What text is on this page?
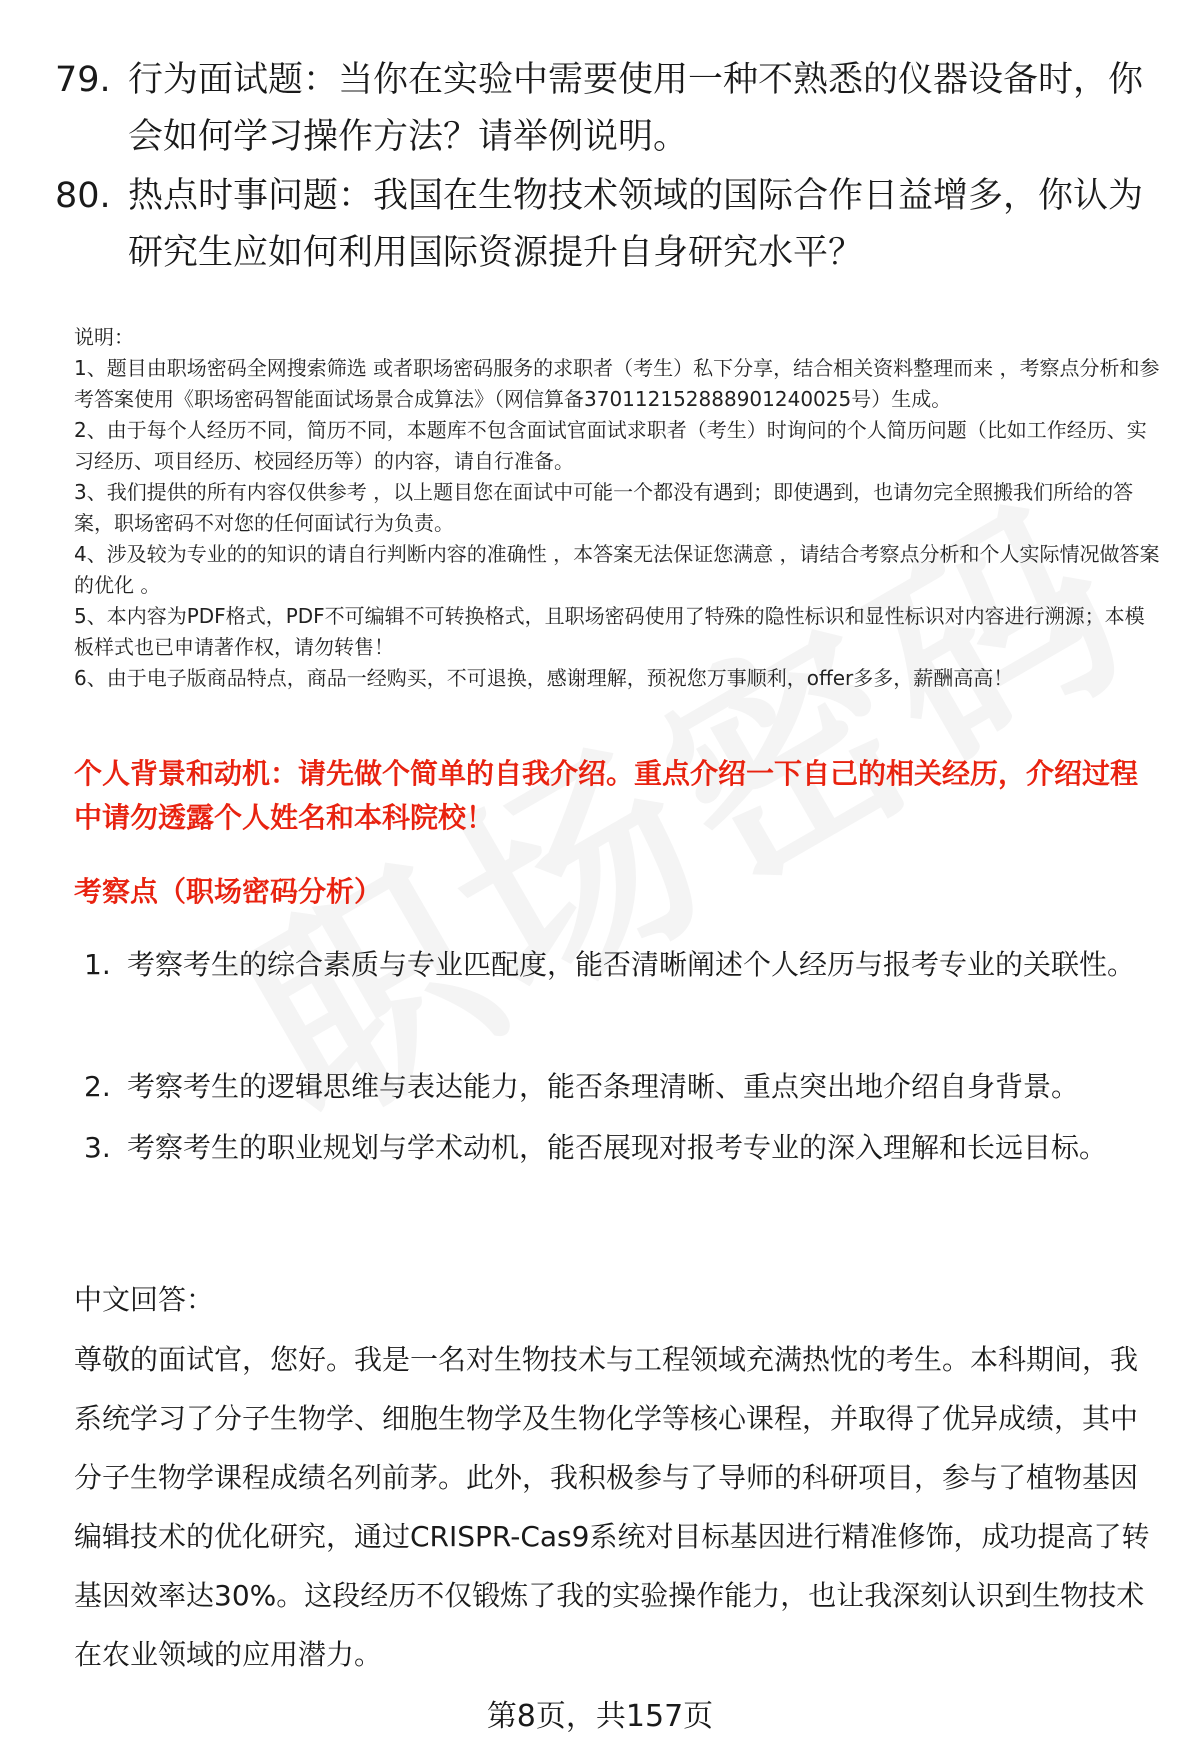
79. 行为面试题：当你在实验中需要使用一种不熟悉的仪器设备时，你会如何学习操作方法？请举例说明。
80. 热点时事问题：我国在生物技术领域的国际合作日益增多，你认为研究生应如何利用国际资源提升自身研究水平？

说明：

1、题目由职场密码全网搜索筛选 或者职场密码服务的求职者（考生）私下分享，结合相关资料整理而来 ，考察点分析和参考答案使用《职场密码智能面试场景合成算法》（网信算备370112152888901240025号）生成。

2、由于每个人经历不同，简历不同，本题库不包含面试官面试求职者（考生）时询问的个人简历问题（比如工作经历、实习经历、项目经历、校园经历等）的内容，请自行准备。

3、我们提供的所有内容仅供参考 ，以上题目您在面试中可能一个都没有遇到；即使遇到，也请勿完全照搬我们所给的答案，职场密码不对您的任何面试行为负责。

4、涉及较为专业的的知识的请自行判断内容的准确性 ，本答案无法保证您满意 ，请结合考察点分析和个人实际情况做答案的优化 。

5、本内容为PDF格式，PDF不可编辑不可转换格式，且职场密码使用了特殊的隐性标识和显性标识对内容进行溯源；本模板样式也已申请著作权，请勿转售！

6、由于电子版商品特点，商品一经购买，不可退换，感谢理解，预祝您万事顺利，offer多多，薪酬高高！

个人背景和动机：请先做个简单的自我介绍。重点介绍一下自己的相关经历，介绍过程中请勿透露个人姓名和本科院校！
考察点（职场密码分析）
1. 考察考生的综合素质与专业匹配度，能否清晰阐述个人经历与报考专业的关联性。
2. 考察考生的逻辑思维与表达能力，能否条理清晰、重点突出地介绍自身背景。
3. 考察考生的职业规划与学术动机，能否展现对报考专业的深入理解和长远目标。
中文回答：
尊敬的面试官，您好。我是一名对生物技术与工程领域充满热忱的考生。本科期间，我系统学习了分子生物学、细胞生物学及生物化学等核心课程，并取得了优异成绩，其中分子生物学课程成绩名列前茅。此外，我积极参与了导师的科研项目，参与了植物基因编辑技术的优化研究，通过CRISPR-Cas9系统对目标基因进行精准修饰，成功提高了转基因效率达30%。这段经历不仅锻炼了我的实验操作能力，也让我深刻认识到生物技术在农业领域的应用潜力。
第8页，共157页
